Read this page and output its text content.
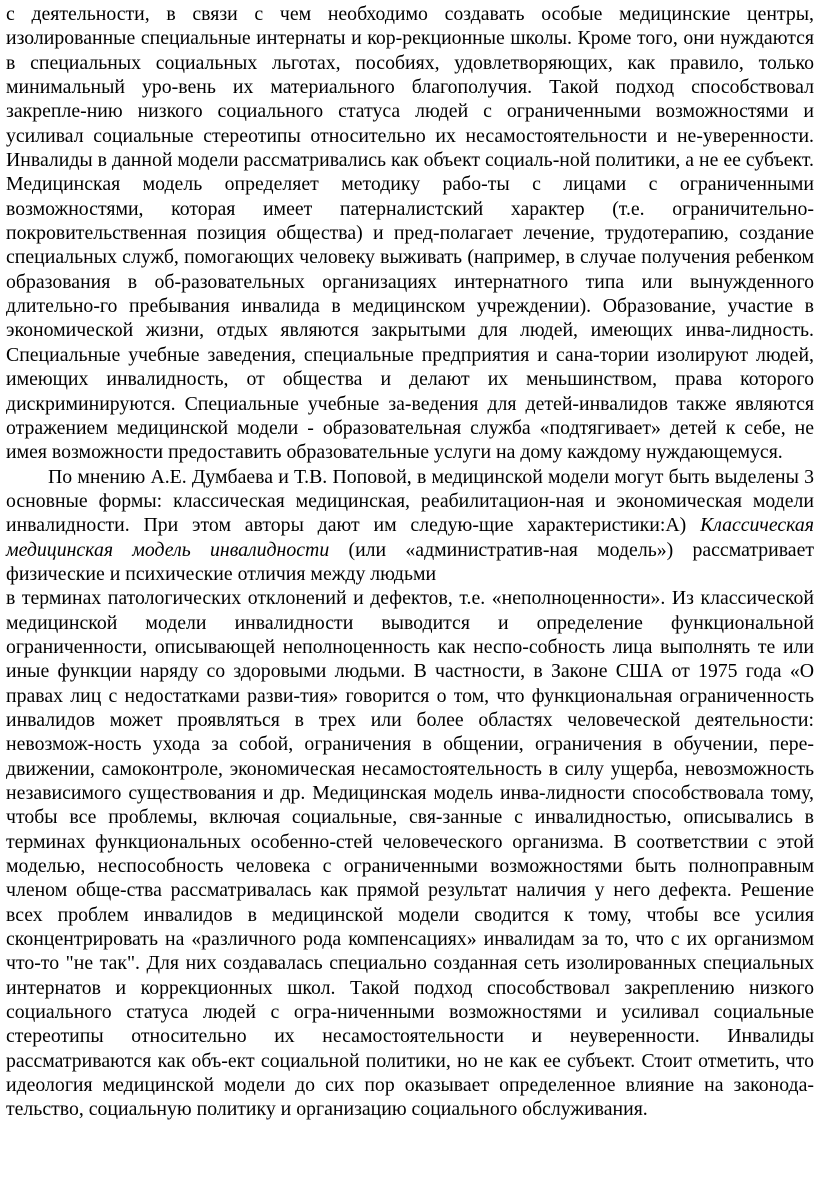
с деятельности, в связи с чем необходимо создавать особые медицинские центры, изолированные специальные интернаты и кор-рекционные школы. Кроме того, они нуждаются в специальных социальных льготах, пособиях, удовлетворяющих, как правило, только минимальный уро-вень их материального благополучия. Такой подход способствовал закрепле-нию низкого социального статуса людей с ограниченными возможностями и усиливал социальные стереотипы относительно их несамостоятельности и не-уверенности. Инвалиды в данной модели рассматривались как объект социаль-ной политики, а не ее субъект. Медицинская модель определяет методику рабо-ты с лицами с ограниченными возможностями, которая имеет патерналистский характер (т.е. ограничительно-покровительственная позиция общества) и пред-полагает лечение, трудотерапию, создание специальных служб, помогающих человеку выживать (например, в случае получения ребенком образования в об-разовательных организациях интернатного типа или вынужденного длительно-го пребывания инвалида в медицинском учреждении). Образование, участие в экономической жизни, отдых являются закрытыми для людей, имеющих инва-лидность. Специальные учебные заведения, специальные предприятия и сана-тории изолируют людей, имеющих инвалидность, от общества и делают их меньшинством, права которого дискриминируются. Специальные учебные за-ведения для детей-инвалидов также являются отражением медицинской модели - образовательная служба «подтягивает» детей к себе, не имея возможности предоставить образовательные услуги на дому каждому нуждающемуся.

По мнению А.Е. Думбаева и Т.В. Поповой, в медицинской модели могут быть выделены 3 основные формы: классическая медицинская, реабилитацион-ная и экономическая модели инвалидности. При этом авторы дают им следую-щие характеристики:А) Классическая медицинская модель инвалидности (или «административ-ная модель») рассматривает физические и психические отличия между людьми

в терминах патологических отклонений и дефектов, т.е. «неполноценности». Из классической медицинской модели инвалидности выводится и определение функциональной ограниченности, описывающей неполноценность как неспо-собность лица выполнять те или иные функции наряду со здоровыми людьми. В частности, в Законе США от 1975 года «О правах лиц с недостатками разви-тия» говорится о том, что функциональная ограниченность инвалидов может проявляться в трех или более областях человеческой деятельности: невозмож-ность ухода за собой, ограничения в общении, ограничения в обучении, пере-движении, самоконтроле, экономическая несамостоятельность в силу ущерба, невозможность независимого существования и др. Медицинская модель инва-лидности способствовала тому, чтобы все проблемы, включая социальные, свя-занные с инвалидностью, описывались в терминах функциональных особенно-стей человеческого организма. В соответствии с этой моделью, неспособность человека с ограниченными возможностями быть полноправным членом обще-ства рассматривалась как прямой результат наличия у него дефекта. Решение всех проблем инвалидов в медицинской модели сводится к тому, чтобы все усилия сконцентрировать на «различного рода компенсациях» инвалидам за то, что с их организмом что-то "не так". Для них создавалась специально созданная сеть изолированных специальных интернатов и коррекционных школ. Такой подход способствовал закреплению низкого социального статуса людей с огра-ниченными возможностями и усиливал социальные стереотипы относительно их несамостоятельности и неуверенности. Инвалиды рассматриваются как объ-ект социальной политики, но не как ее субъект. Стоит отметить, что идеология медицинской модели до сих пор оказывает определенное влияние на законода-тельство, социальную политику и организацию социального обслуживания.
